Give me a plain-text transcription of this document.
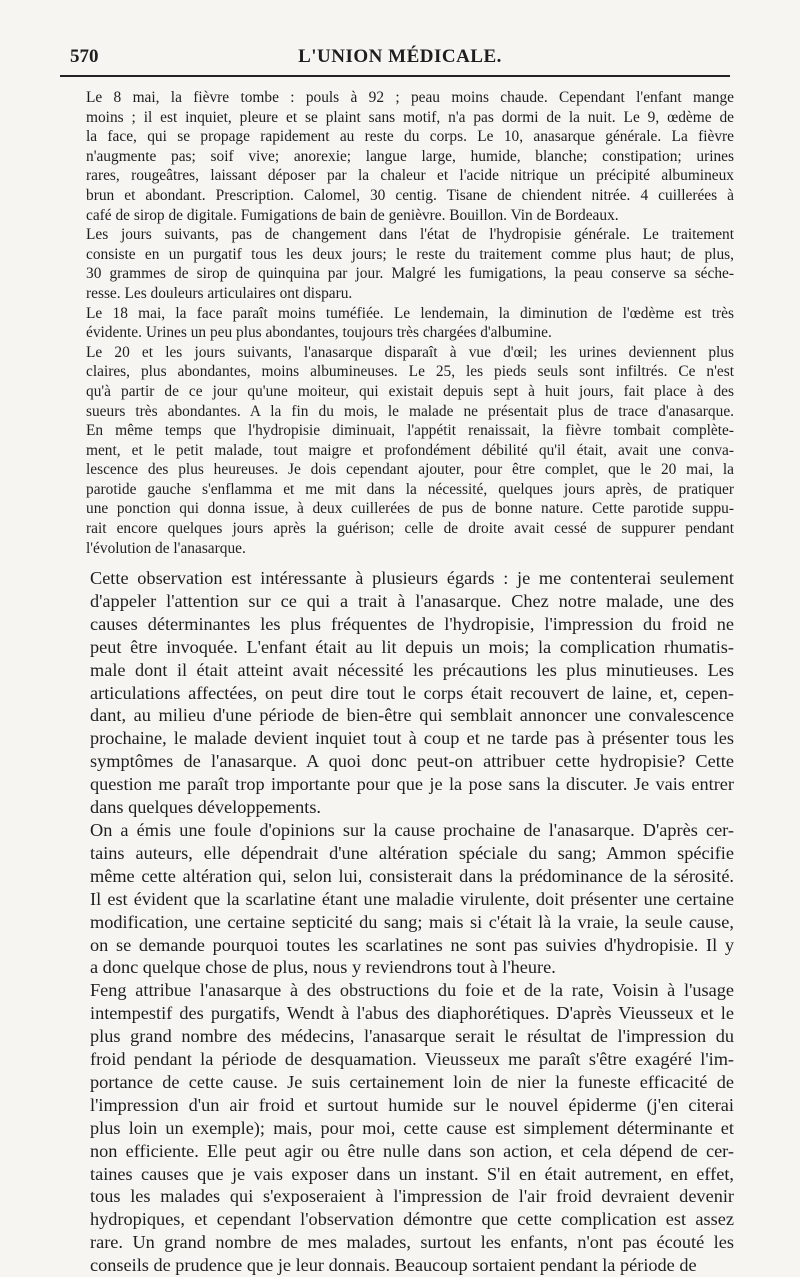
570	L'UNION MÉDICALE.

Le 8 mai, la fièvre tombe : pouls à 92 ; peau moins chaude. Cependant l'enfant mange
moins ; il est inquiet, pleure et se plaint sans motif, n'a pas dormi de la nuit. Le 9, œdème de
la face, qui se propage rapidement au reste du corps. Le 10, anasarque générale. La fièvre
n'augmente pas; soif vive; anorexie; langue large, humide, blanche; constipation; urines
rares, rougeâtres, laissant déposer par la chaleur et l'acide nitrique un précipité albumineux
brun et abondant. Prescription. Calomel, 30 centig. Tisane de chiendent nitrée. 4 cuillerées à
café de sirop de digitale. Fumigations de bain de genièvre. Bouillon. Vin de Bordeaux.

Les jours suivants, pas de changement dans l'état de l'hydropisie générale. Le traitement
consiste en un purgatif tous les deux jours; le reste du traitement comme plus haut; de plus,
30 grammes de sirop de quinquina par jour. Malgré les fumigations, la peau conserve sa séche-
resse. Les douleurs articulaires ont disparu.

Le 18 mai, la face paraît moins tuméfiée. Le lendemain, la diminution de l'œdème est très
évidente. Urines un peu plus abondantes, toujours très chargées d'albumine.

Le 20 et les jours suivants, l'anasarque disparaît à vue d'œil; les urines deviennent plus
claires, plus abondantes, moins albumineuses. Le 25, les pieds seuls sont infiltrés. Ce n'est
qu'à partir de ce jour qu'une moiteur, qui existait depuis sept à huit jours, fait place à des
sueurs très abondantes. A la fin du mois, le malade ne présentait plus de trace d'anasarque.
En même temps que l'hydropisie diminuait, l'appétit renaissait, la fièvre tombait complète-
ment, et le petit malade, tout maigre et profondément débilité qu'il était, avait une conva-
lescence des plus heureuses. Je dois cependant ajouter, pour être complet, que le 20 mai, la
parotide gauche s'enflamma et me mit dans la nécessité, quelques jours après, de pratiquer
une ponction qui donna issue, à deux cuillerées de pus de bonne nature. Cette parotide suppu-
rait encore quelques jours après la guérison; celle de droite avait cessé de suppurer pendant
l'évolution de l'anasarque.

Cette observation est intéressante à plusieurs égards : je me contenterai seulement
d'appeler l'attention sur ce qui a trait à l'anasarque. Chez notre malade, une des
causes déterminantes les plus fréquentes de l'hydropisie, l'impression du froid ne
peut être invoquée. L'enfant était au lit depuis un mois; la complication rhumatis-
male dont il était atteint avait nécessité les précautions les plus minutieuses. Les
articulations affectées, on peut dire tout le corps était recouvert de laine, et, cepen-
dant, au milieu d'une période de bien-être qui semblait annoncer une convalescence
prochaine, le malade devient inquiet tout à coup et ne tarde pas à présenter tous les
symptômes de l'anasarque. A quoi donc peut-on attribuer cette hydropisie? Cette
question me paraît trop importante pour que je la pose sans la discuter. Je vais entrer
dans quelques développements.

On a émis une foule d'opinions sur la cause prochaine de l'anasarque. D'après cer-
tains auteurs, elle dépendrait d'une altération spéciale du sang; Ammon spécifie
même cette altération qui, selon lui, consisterait dans la prédominance de la sérosité.
Il est évident que la scarlatine étant une maladie virulente, doit présenter une certaine
modification, une certaine septicité du sang; mais si c'était là la vraie, la seule cause,
on se demande pourquoi toutes les scarlatines ne sont pas suivies d'hydropisie. Il y
a donc quelque chose de plus, nous y reviendrons tout à l'heure.

Feng attribue l'anasarque à des obstructions du foie et de la rate, Voisin à l'usage
intempestif des purgatifs, Wendt à l'abus des diaphorétiques. D'après Vieusseux et le
plus grand nombre des médecins, l'anasarque serait le résultat de l'impression du
froid pendant la période de desquamation. Vieusseux me paraît s'être exagéré l'im-
portance de cette cause. Je suis certainement loin de nier la funeste efficacité de
l'impression d'un air froid et surtout humide sur le nouvel épiderme (j'en citerai
plus loin un exemple); mais, pour moi, cette cause est simplement déterminante et
non efficiente. Elle peut agir ou être nulle dans son action, et cela dépend de cer-
taines causes que je vais exposer dans un instant. S'il en était autrement, en effet,
tous les malades qui s'exposeraient à l'impression de l'air froid devraient devenir
hydropiques, et cependant l'observation démontre que cette complication est assez
rare. Un grand nombre de mes malades, surtout les enfants, n'ont pas écouté les
conseils de prudence que je leur donnais. Beaucoup sortaient pendant la période de
